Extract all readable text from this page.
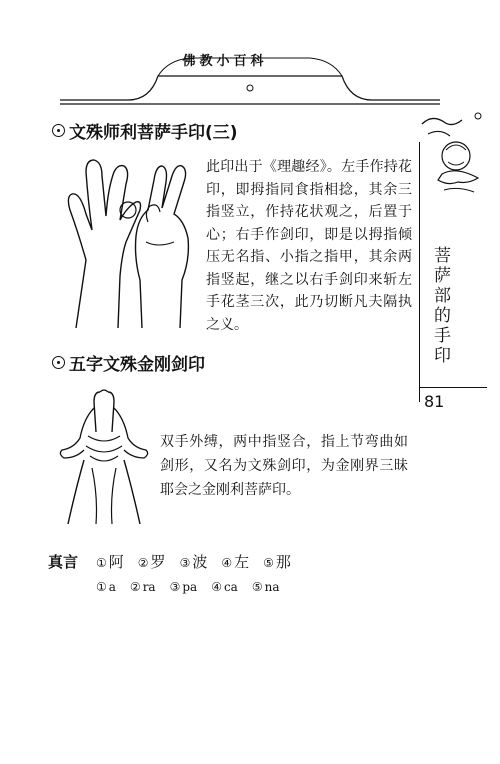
佛教小百科
菩萨部的手印
81
文殊师利菩萨手印(三)
此印出于《理趣经》。左手作持花印，即拇指同食指相捻，其余三指竖立，作持花状观之，后置于心；右手作剑印，即是以拇指倾压无名指、小指之指甲，其余两指竖起，继之以右手剑印来斩左手花茎三次，此乃切断凡夫隔执之义。
五字文殊金刚剑印
双手外缚，两中指竖合，指上节弯曲如剑形，又名为文殊剑印，为金刚界三昧耶会之金刚利菩萨印。
真言 ① 阿 ② 罗 ③ 波 ④ 左 ⑤ 那
① a ② ra ③ pa ④ ca ⑤ na
